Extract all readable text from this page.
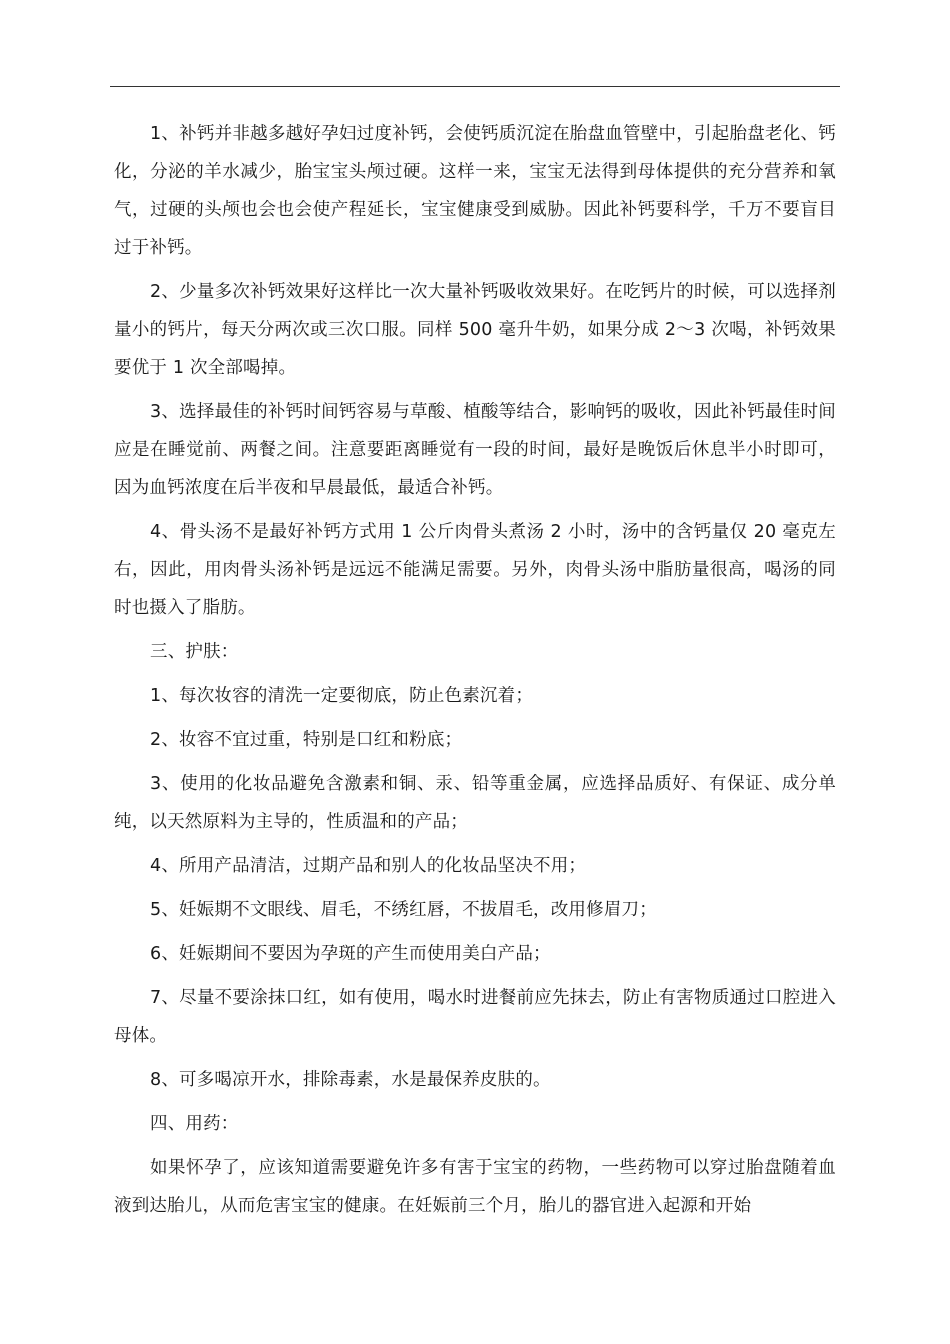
1、补钙并非越多越好孕妇过度补钙，会使钙质沉淀在胎盘血管壁中，引起胎盘老化、钙化，分泌的羊水减少，胎宝宝头颅过硬。这样一来，宝宝无法得到母体提供的充分营养和氧气，过硬的头颅也会也会使产程延长，宝宝健康受到威胁。因此补钙要科学，千万不要盲目过于补钙。

2、少量多次补钙效果好这样比一次大量补钙吸收效果好。在吃钙片的时候，可以选择剂量小的钙片，每天分两次或三次口服。同样 500 毫升牛奶，如果分成 2～3 次喝，补钙效果要优于 1 次全部喝掉。

3、选择最佳的补钙时间钙容易与草酸、植酸等结合，影响钙的吸收，因此补钙最佳时间应是在睡觉前、两餐之间。注意要距离睡觉有一段的时间，最好是晚饭后休息半小时即可，因为血钙浓度在后半夜和早晨最低，最适合补钙。

4、骨头汤不是最好补钙方式用 1 公斤肉骨头煮汤 2 小时，汤中的含钙量仅 20 毫克左右，因此，用肉骨头汤补钙是远远不能满足需要。另外，肉骨头汤中脂肪量很高，喝汤的同时也摄入了脂肪。

三、护肤：

1、每次妆容的清洗一定要彻底，防止色素沉着；

2、妆容不宜过重，特别是口红和粉底；

3、使用的化妆品避免含激素和铜、汞、铅等重金属，应选择品质好、有保证、成分单纯，以天然原料为主导的，性质温和的产品；

4、所用产品清洁，过期产品和别人的化妆品坚决不用；

5、妊娠期不文眼线、眉毛，不绣红唇，不拔眉毛，改用修眉刀；

6、妊娠期间不要因为孕斑的产生而使用美白产品；

7、尽量不要涂抹口红，如有使用，喝水时进餐前应先抹去，防止有害物质通过口腔进入母体。

8、可多喝凉开水，排除毒素，水是最保养皮肤的。

四、用药：

如果怀孕了，应该知道需要避免许多有害于宝宝的药物，一些药物可以穿过胎盘随着血液到达胎儿，从而危害宝宝的健康。在妊娠前三个月，胎儿的器官进入起源和开始
